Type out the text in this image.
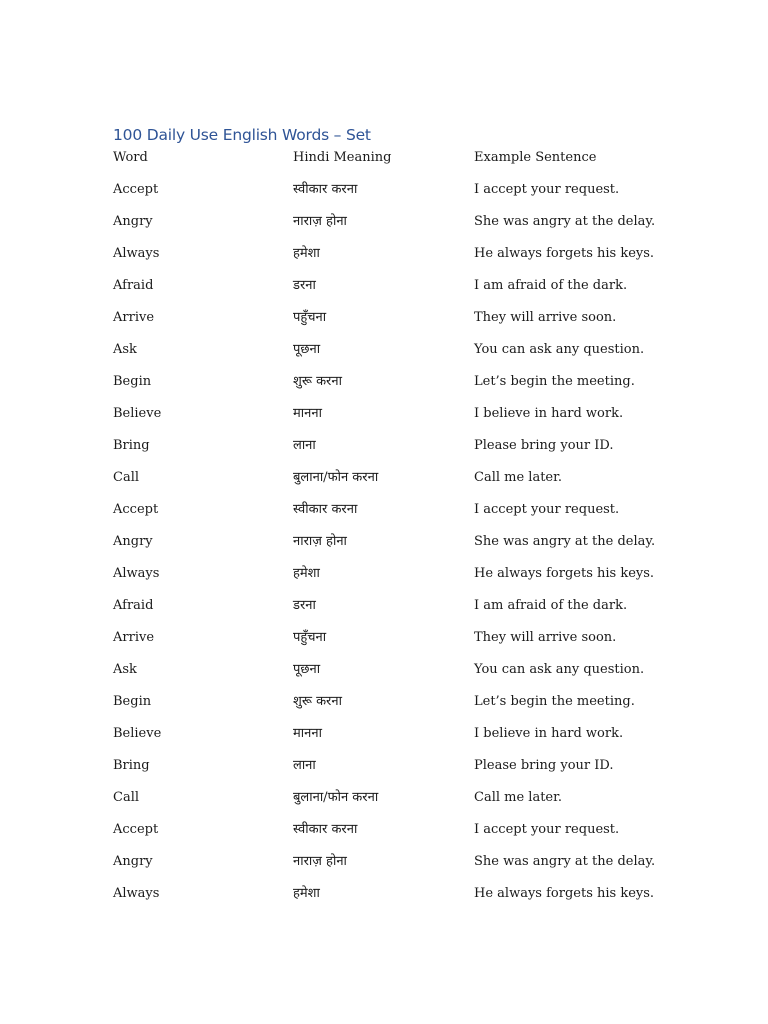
100 Daily Use English Words – Set
Word	Hindi Meaning	Example Sentence
Accept	स्वीकार करना	I accept your request.
Angry	नाराज़ होना	She was angry at the delay.
Always	हमेशा	He always forgets his keys.
Afraid	डरना	I am afraid of the dark.
Arrive	पहुँचना	They will arrive soon.
Ask	पूछना	You can ask any question.
Begin	शुरू करना	Let’s begin the meeting.
Believe	मानना	I believe in hard work.
Bring	लाना	Please bring your ID.
Call	बुलाना/फोन करना	Call me later.
Accept	स्वीकार करना	I accept your request.
Angry	नाराज़ होना	She was angry at the delay.
Always	हमेशा	He always forgets his keys.
Afraid	डरना	I am afraid of the dark.
Arrive	पहुँचना	They will arrive soon.
Ask	पूछना	You can ask any question.
Begin	शुरू करना	Let’s begin the meeting.
Believe	मानना	I believe in hard work.
Bring	लाना	Please bring your ID.
Call	बुलाना/फोन करना	Call me later.
Accept	स्वीकार करना	I accept your request.
Angry	नाराज़ होना	She was angry at the delay.
Always	हमेशा	He always forgets his keys.
